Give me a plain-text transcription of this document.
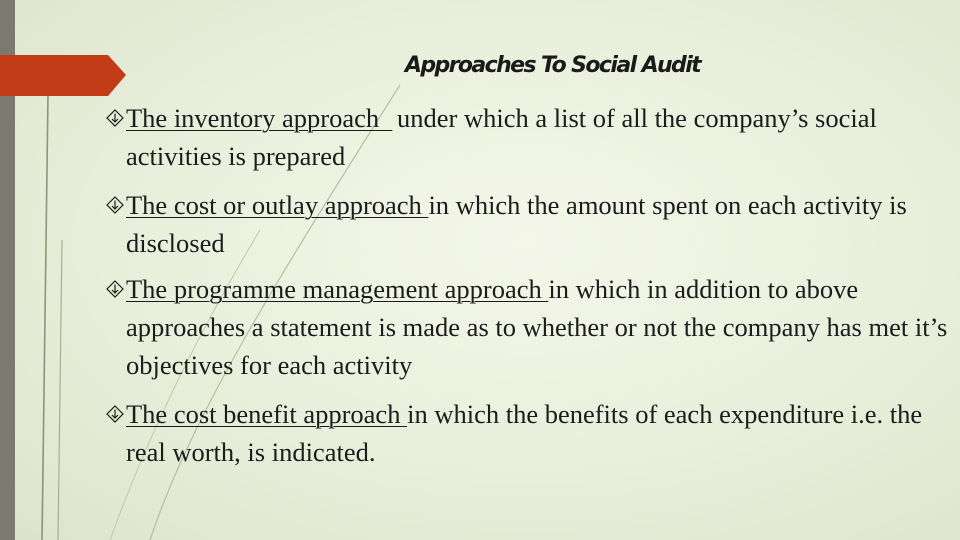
Approaches To Social Audit
The inventory approach   under which a list of all the company’s social activities is prepared
The cost or outlay approach in which the amount spent on each activity is disclosed
The programme management approach in which in addition to above approaches a statement is made as to whether or not the company has met it’s objectives for each activity
The cost benefit approach in which the benefits of each expenditure i.e. the real worth, is indicated.
